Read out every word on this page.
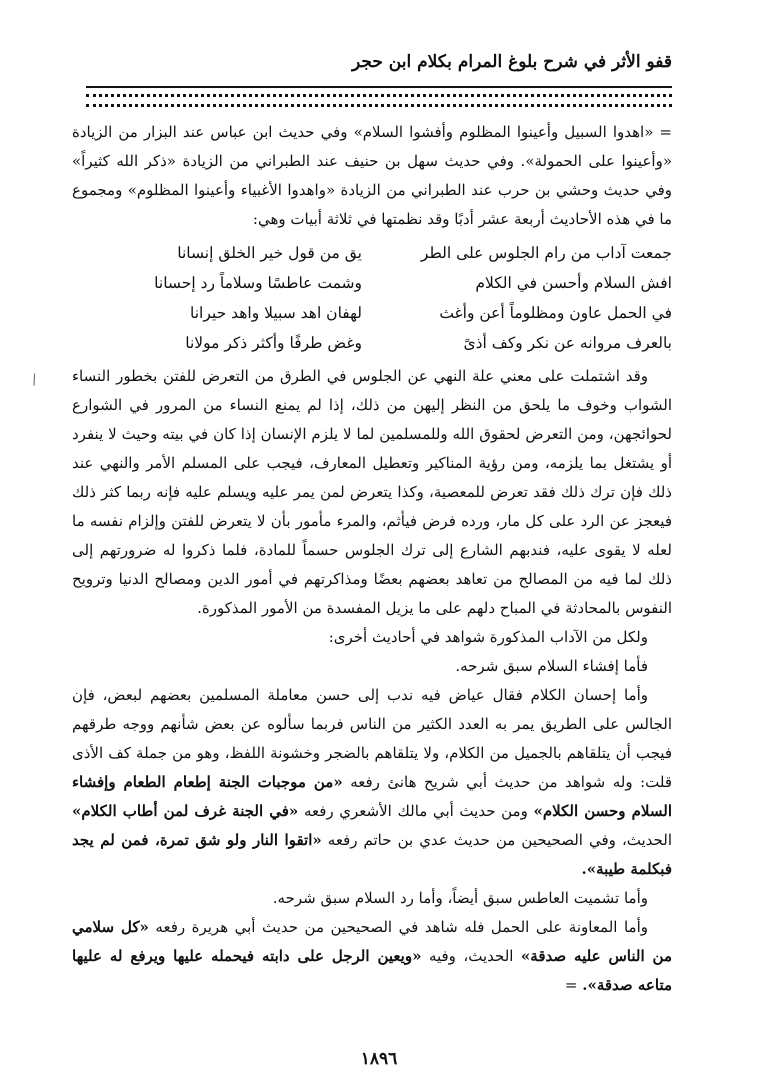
قفو الأثر في شرح بلوغ المرام بكلام ابن حجر

= «اهدوا السبيل وأعينوا المظلوم وأفشوا السلام» وفي حديث ابن عباس عند البزار من الزيادة «وأعينوا على الحمولة». وفي حديث سهل بن حنيف عند الطبراني من الزيادة «ذكر الله كثيراً» وفي حديث وحشي بن حرب عند الطبراني من الزيادة «واهدوا الأغبياء وأعينوا المظلوم» ومجموع ما في هذه الأحاديث أربعة عشر أدبًا وقد نظمتها في ثلاثة أبيات وهي:

جمعت آداب من رام الجلوس على الطر
يق من قول خير الخلق إنسانا
افش السلام وأحسن في الكلام
وشمت عاطسًا وسلاماً رد إحسانا
في الحمل عاون ومظلوماً أعن وأغث
لهفان اهد سبيلا واهد حيرانا
بالعرف مروانه عن نكر وكف أذىً
وغض طرفًا وأكثر ذكر مولانا

وقد اشتملت على معني علة النهي عن الجلوس في الطرق من التعرض للفتن بخطور النساء الشواب وخوف ما يلحق من النظر إليهن من ذلك، إذا لم يمنع النساء من المرور في الشوارع لحوائجهن، ومن التعرض لحقوق الله وللمسلمين لما لا يلزم الإنسان إذا كان في بيته وحيث لا ينفرد أو يشتغل بما يلزمه، ومن رؤية المناكير وتعطيل المعارف، فيجب على المسلم الأمر والنهي عند ذلك فإن ترك ذلك فقد تعرض للمعصية، وكذا يتعرض لمن يمر عليه ويسلم عليه فإنه ربما كثر ذلك فيعجز عن الرد على كل مار، ورده فرض فيأثم، والمرء مأمور بأن لا يتعرض للفتن وإلزام نفسه ما لعله لا يقوى عليه، فندبهم الشارع إلى ترك الجلوس حسماً للمادة، فلما ذكروا له ضرورتهم إلى ذلك لما فيه من المصالح من تعاهد بعضهم بعضًا ومذاكرتهم في أمور الدين ومصالح الدنيا وترويح النفوس بالمحادثة في المباح دلهم على ما يزيل المفسدة من الأمور المذكورة.

ولكل من الآداب المذكورة شواهد في أحاديث أخرى:

فأما إفشاء السلام سبق شرحه.

وأما إحسان الكلام فقال عياض فيه ندب إلى حسن معاملة المسلمين بعضهم لبعض، فإن الجالس على الطريق يمر به العدد الكثير من الناس فربما سألوه عن بعض شأنهم ووجه طرقهم فيجب أن يتلقاهم بالجميل من الكلام، ولا يتلقاهم بالضجر وخشونة اللفظ، وهو من جملة كف الأذى قلت: وله شواهد من حديث أبي شريح هانئ رفعه «من موجبات الجنة إطعام الطعام وإفشاء السلام وحسن الكلام» ومن حديث أبي مالك الأشعري رفعه «في الجنة غرف لمن أطاب الكلام» الحديث، وفي الصحيحين من حديث عدي بن حاتم رفعه «اتقوا النار ولو شق تمرة، فمن لم يجد فبكلمة طيبة».

وأما تشميت العاطس سبق أيضاً، وأما رد السلام سبق شرحه.

وأما المعاونة على الحمل فله شاهد في الصحيحين من حديث أبي هريرة رفعه «كل سلامي من الناس عليه صدقة» الحديث، وفيه «ويعين الرجل على دابته فيحمله عليها ويرفع له عليها متاعه صدقة». =

/
١٨٩٦
